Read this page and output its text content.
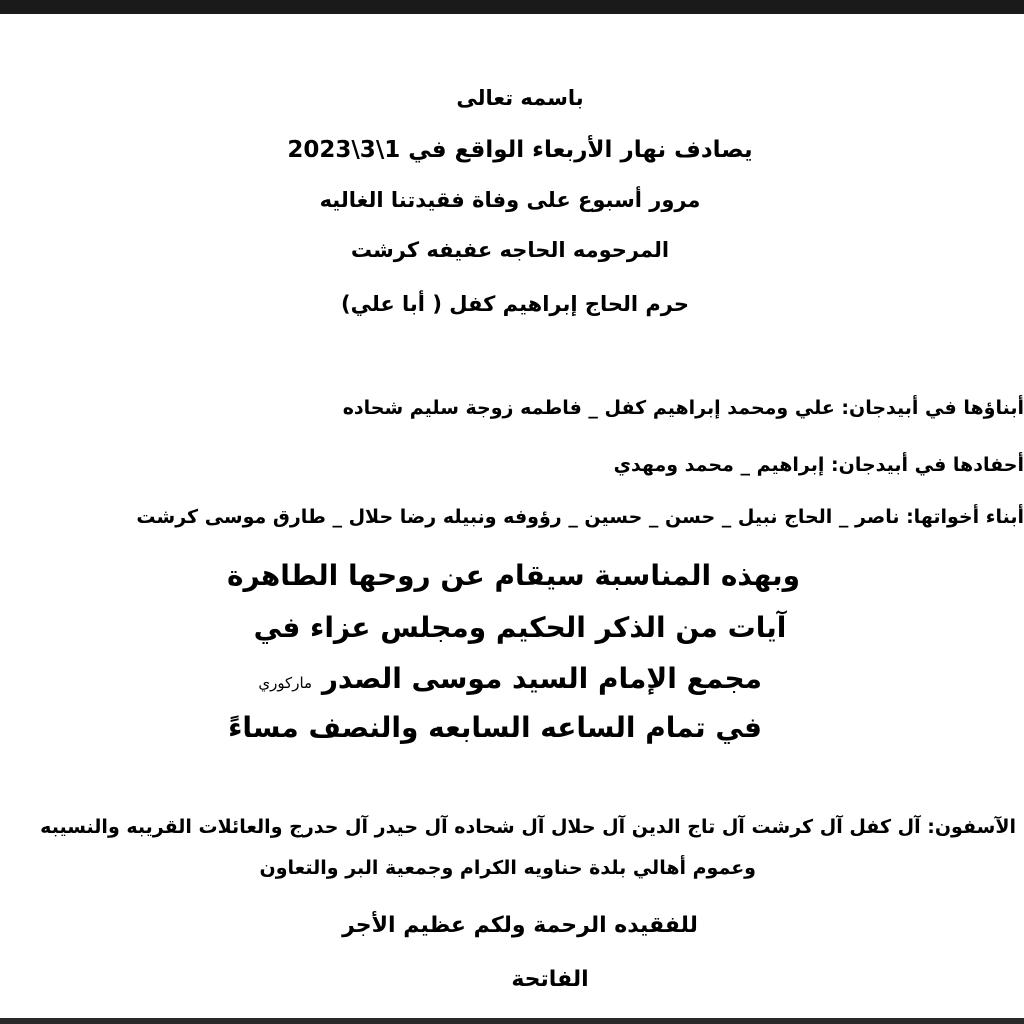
باسمه تعالى
يصادف نهار الأربعاء الواقع في 1\3\2023
مرور أسبوع على وفاة فقيدتنا الغاليه
المرحومه الحاجه عفيفه كرشت
حرم الحاج إبراهيم كفل ( أبا علي)
أبناؤها في أبيدجان: علي ومحمد إبراهيم كفل _ فاطمه زوجة سليم شحاده
أحفادها في أبيدجان: إبراهيم _ محمد ومهدي
أبناء أخواتها: ناصر _ الحاج نبيل _ حسن _ حسين _ رؤوفه ونبيله رضا حلال _ طارق موسى كرشت
وبهذه المناسبة سيقام عن روحها الطاهرة
آيات من الذكر الحكيم ومجلس عزاء في
مجمع الإمام السيد موسى الصدر ماركوري
في تمام الساعه السابعه والنصف مساءً
الآسفون: آل كفل آل كرشت آل تاج الدين آل حلال آل شحاده آل حيدر آل حدرج والعائلات القريبه والنسيبه
وعموم أهالي بلدة حناويه الكرام وجمعية البر والتعاون
للفقيده الرحمة ولكم عظيم الأجر
الفاتحة
